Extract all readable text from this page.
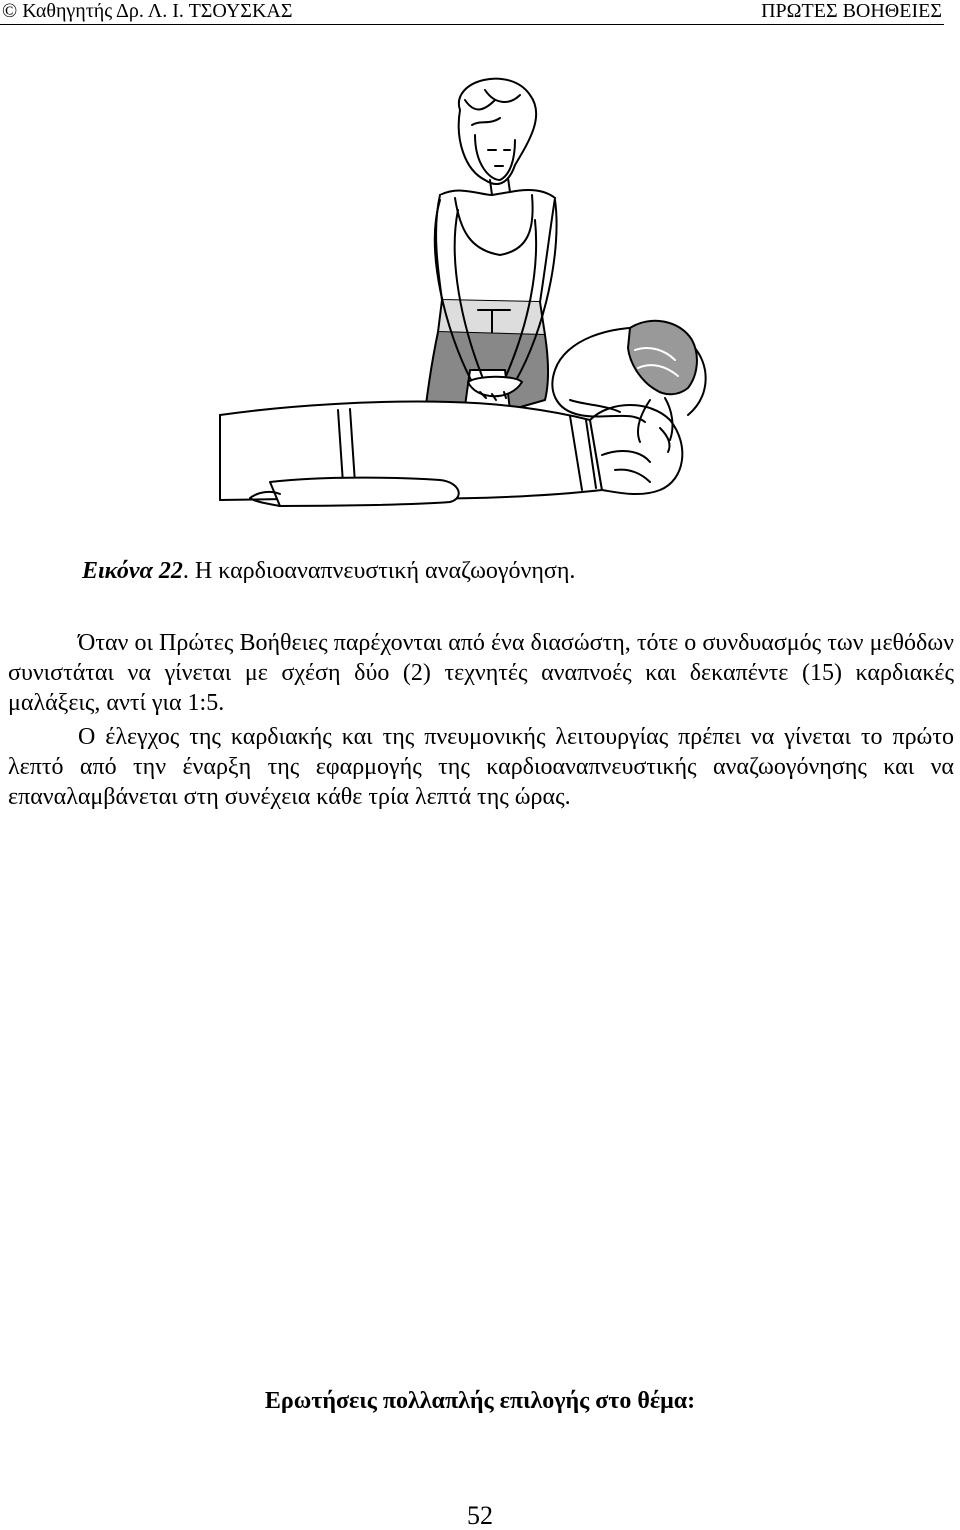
© Καθηγητής Δρ. Λ. Ι. ΤΣΟΥΣΚΑΣ	ΠΡΩΤΕΣ ΒΟΗΘΕΙΕΣ
Εικόνα 22. Η καρδιοαναπνευστική αναζωογόνηση.

Όταν οι Πρώτες Βοήθειες παρέχονται από ένα διασώστη, τότε ο συνδυασμός των μεθόδων συνιστάται να γίνεται με σχέση δύο (2) τεχνητές αναπνοές και δεκαπέντε (15) καρδιακές μαλάξεις, αντί για 1:5.

Ο έλεγχος της καρδιακής και της πνευμονικής λειτουργίας πρέπει να γίνεται το πρώτο λεπτό από την έναρξη της εφαρμογής της καρδιοαναπνευστικής αναζωογόνησης και να επαναλαμβάνεται στη συνέχεια κάθε τρία λεπτά της ώρας.

Ερωτήσεις πολλαπλής επιλογής στο θέμα:
52
